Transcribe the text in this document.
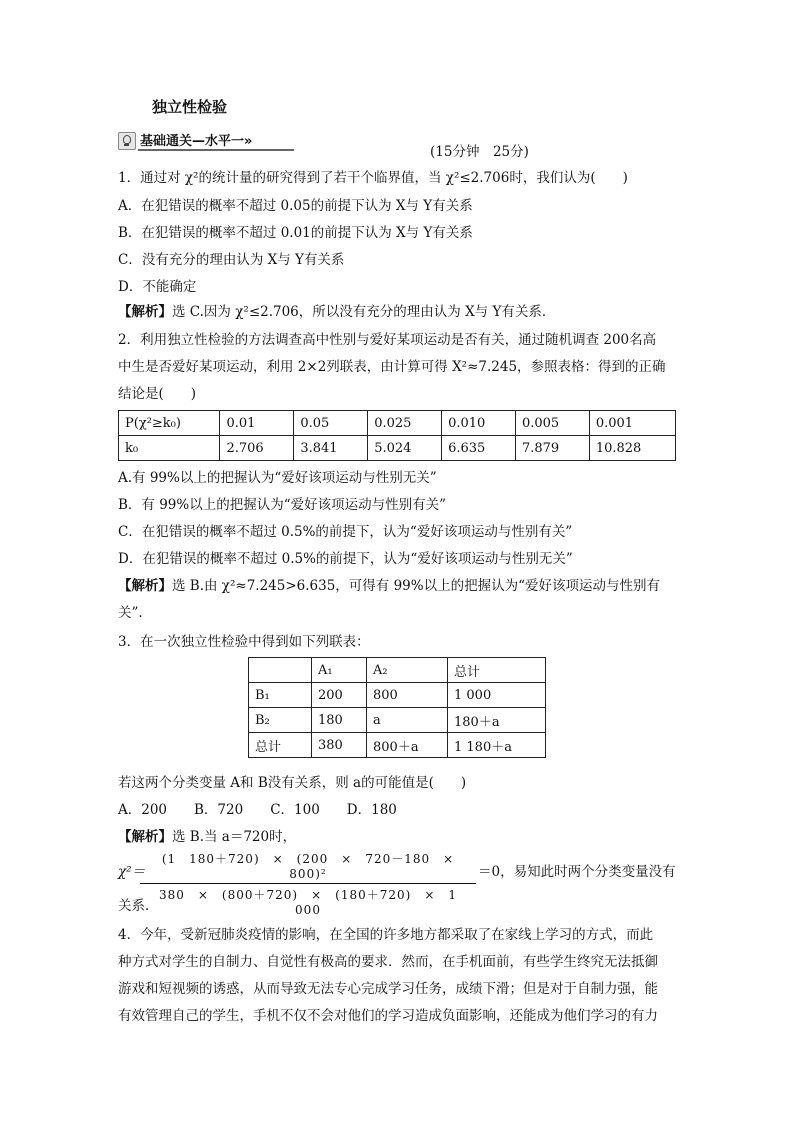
独立性检验
基础通关—水平一»
(15分钟　25分)
1．通过对 χ²的统计量的研究得到了若干个临界值，当 χ²≤2.706时，我们认为(　　)
A．在犯错误的概率不超过 0.05的前提下认为 X与 Y有关系
B．在犯错误的概率不超过 0.01的前提下认为 X与 Y有关系
C．没有充分的理由认为 X与 Y有关系
D．不能确定
【解析】选 C.因为 χ²≤2.706，所以没有充分的理由认为 X与 Y有关系．
2．利用独立性检验的方法调查高中性别与爱好某项运动是否有关，通过随机调查 200名高
中生是否爱好某项运动，利用 2×2列联表，由计算可得 Χ²≈7.245，参照表格：得到的正确
结论是(　　)
P(χ²≥k₀)	0.01	0.05	0.025	0.010	0.005	0.001
k₀	2.706	3.841	5.024	6.635	7.879	10.828
A.有 99%以上的把握认为“爱好该项运动与性别无关”
B．有 99%以上的把握认为“爱好该项运动与性别有关”
C．在犯错误的概率不超过 0.5%的前提下，认为“爱好该项运动与性别有关”
D．在犯错误的概率不超过 0.5%的前提下，认为“爱好该项运动与性别无关”
【解析】选 B.由 χ²≈7.245>6.635，可得有 99%以上的把握认为“爱好该项运动与性别有
关”.
3．在一次独立性检验中得到如下列联表：
	A₁	A₂	总计
B₁	200	800	1 000
B₂	180	a	180＋a
总计	380	800＋a	1 180＋a
若这两个分类变量 A和 B没有关系，则 a的可能值是(　　)
A．200　　B．720　　C．100　　D．180
【解析】选 B.当 a＝720时，
χ²＝
(1　180＋720)　×　(200　×　720－180　×　800)²
380　×　(800＋720)　×　(180＋720)　×　1　000
＝0，易知此时两个分类变量没有
关系．
4．今年，受新冠肺炎疫情的影响，在全国的许多地方都采取了在家线上学习的方式，而此
种方式对学生的自制力、自觉性有极高的要求．然而，在手机面前，有些学生终究无法抵御
游戏和短视频的诱惑，从而导致无法专心完成学习任务，成绩下滑；但是对于自制力强，能
有效管理自己的学生，手机不仅不会对他们的学习造成负面影响，还能成为他们学习的有力
